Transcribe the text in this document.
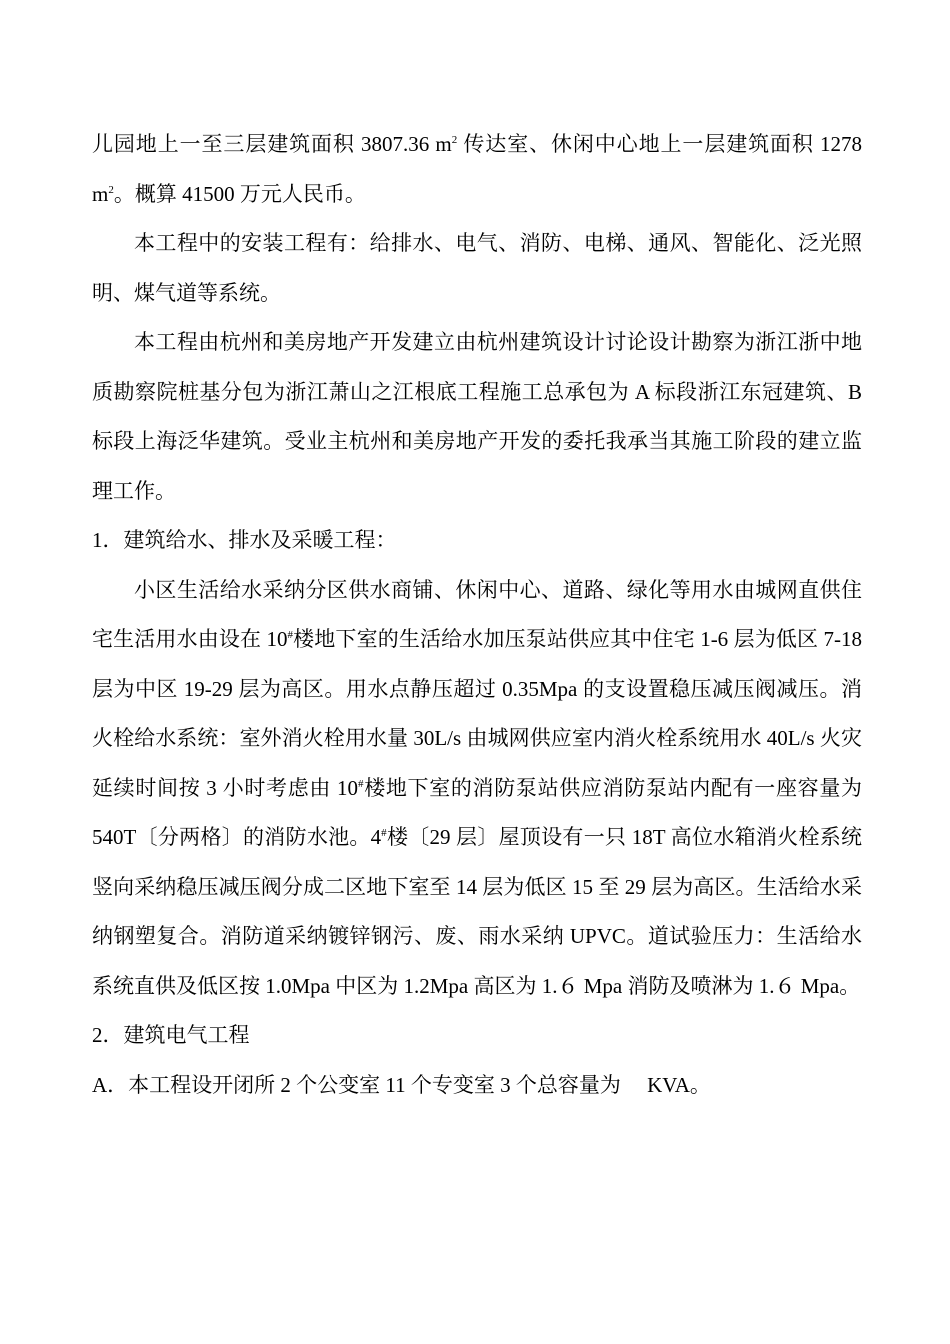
儿园地上一至三层建筑面积 3807.36 $m^2$ 传达室、休闲中心地上一层建筑面积 1278 $m^2$。概算 41500 万元人民币。

本工程中的安装工程有：给排水、电气、消防、电梯、通风、智能化、泛光照明、煤气道等系统。

本工程由杭州和美房地产开发建立由杭州建筑设计讨论设计勘察为浙江浙中地质勘察院桩基分包为浙江萧山之江根底工程施工总承包为 A 标段浙江东冠建筑、B 标段上海泛华建筑。受业主杭州和美房地产开发的委托我承当其施工阶段的建立监理工作。

1．建筑给水、排水及采暖工程：

小区生活给水采纳分区供水商铺、休闲中心、道路、绿化等用水由城网直供住宅生活用水由设在 10#楼地下室的生活给水加压泵站供应其中住宅 1-6 层为低区 7-18 层为中区 19-29 层为高区。用水点静压超过 0.35Mpa 的支设置稳压减压阀减压。消火栓给水系统：室外消火栓用水量 30L/s 由城网供应室内消火栓系统用水 40L/s 火灾延续时间按 3 小时考虑由 10#楼地下室的消防泵站供应消防泵站内配有一座容量为 540T〔分两格〕的消防水池。4#楼〔29 层〕屋顶设有一只 18T 高位水箱消火栓系统竖向采纳稳压减压阀分成二区地下室至 14 层为低区 15 至 29 层为高区。生活给水采纳钢塑复合。消防道采纳镀锌钢污、废、雨水采纳 UPVC。道试验压力：生活给水系统直供及低区按 1.0Mpa 中区为 1.2Mpa 高区为 1.６ Mpa 消防及喷淋为 1.６ Mpa。

2．建筑电气工程

A．本工程设开闭所 2 个公变室 11 个专变室 3 个总容量为 　KVA。
